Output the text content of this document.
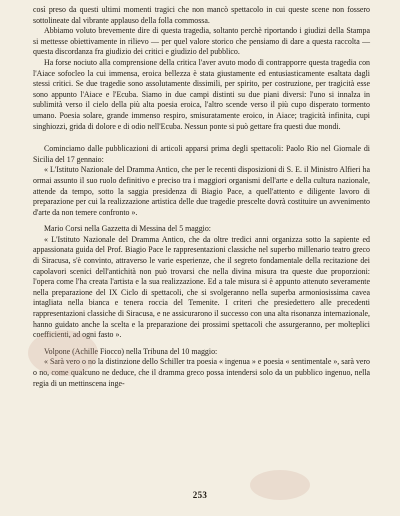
così preso da questi ultimi momenti tragici che non mancò spettacolo in cui queste scene non fossero sottolineate dal vibrante applauso della folla commossa.

Abbiamo voluto brevemente dire di questa tragedia, soltanto perchè riportando i giudizi della Stampa si mettesse obiettivamente in rilievo — per quel valore storico che pensiamo di dare a questa raccolta — questa discordanza fra giudizio dei critici e giudizio del pubblico.

Ha forse nociuto alla comprensione della critica l'aver avuto modo di contrapporre questa tragedia con l'Aiace sofocleo la cui immensa, eroica bellezza è stata giustamente ed entusiasticamente esaltata dagli stessi critici. Se due tragedie sono assolutamente dissimili, per spirito, per costruzione, per tragicità esse sono appunto l'Aiace e l'Ecuba. Siamo in due campi distinti su due piani diversi: l'uno si innalza in sublimità verso il cielo della più alta poesia eroica, l'altro scende verso il più cupo disperato tormento umano. Poesia solare, grande immenso respiro, smisuratamente eroico, in Aiace; tragicità infinita, cupi singhiozzi, grida di dolore e di odio nell'Ecuba. Nessun ponte si può gettare fra questi due mondi.

Cominciamo dalle pubblicazioni di articoli apparsi prima degli spettacoli: Paolo Rio nel Giornale di Sicilia del 17 gennaio:

« L'Istituto Nazionale del Dramma Antico, che per le recenti disposizioni di S. E. il Ministro Alfieri ha ormai assunto il suo ruolo definitivo e preciso tra i maggiori organismi dell'arte e della cultura nazionale, attende da tempo, sotto la saggia presidenza di Biagio Pace, a quell'attento e diligente lavoro di preparazione per cui la realizzazione artistica delle due tragedie prescelte dovrà costituire un avvenimento d'arte da non temere confronto ».

Mario Corsi nella Gazzetta di Messina del 5 maggio:

« L'Istituto Nazionale del Dramma Antico, che da oltre tredici anni organizza sotto la sapiente ed appassionata guida del Prof. Biagio Pace le rappresentazioni classiche nel superbo millenario teatro greco di Siracusa, s'è convinto, attraverso le varie esperienze, che il segreto fondamentale della recitazione dei capolavori scenici dell'antichità non può trovarsi che nella divina misura tra queste due proporzioni: l'opera come l'ha creata l'artista e la sua realizzazione. Ed a tale misura si è appunto attenuto severamente nella preparazione del IX Ciclo di spettacoli, che si svolgeranno nella superba armoniosissima cavea intagliata nella bianca e tenera roccia del Temenite. I criteri che presiedettero alle precedenti rappresentazioni classiche di Siracusa, e ne assicurarono il successo con una alta risonanza internazionale, hanno guidato anche la scelta e la preparazione dei prossimi spettacoli che assurgeranno, per molteplici coefficienti, ad ogni fasto ».

Volpone (Achille Fiocco) nella Tribuna del 10 maggio:

« Sarà vero o no la distinzione dello Schiller tra poesia « ingenua » e poesia « sentimentale », sarà vero o no, come qualcuno ne deduce, che il dramma greco possa intendersi solo da un pubblico ingenuo, nella regia di un mettinscena inge-

253
